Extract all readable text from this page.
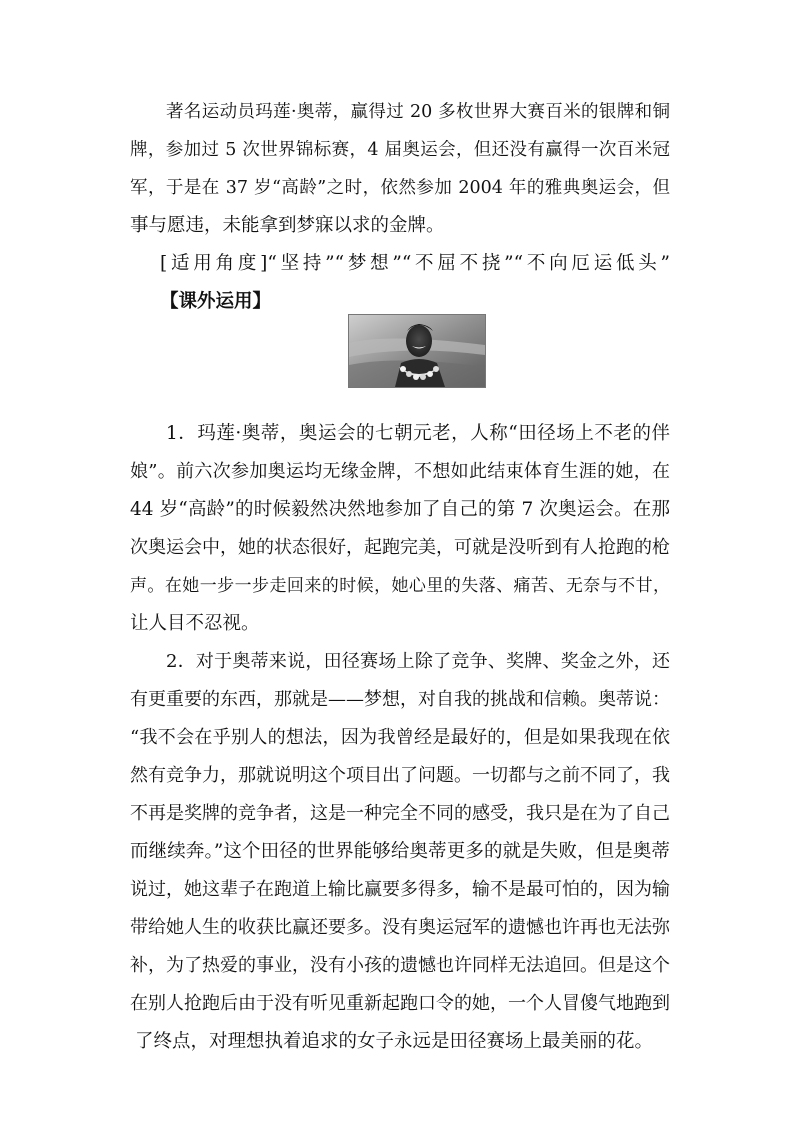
著名运动员玛莲·奥蒂，赢得过 20 多枚世界大赛百米的银牌和铜
牌，参加过 5 次世界锦标赛，4 届奥运会，但还没有赢得一次百米冠
军，于是在 37 岁“高龄”之时，依然参加 2004 年的雅典奥运会，但
事与愿违，未能拿到梦寐以求的金牌。
[适用角度]“坚持”“梦想”“不屈不挠”“不向厄运低头”
【课外运用】
1．玛莲·奥蒂，奥运会的七朝元老，人称“田径场上不老的伴
娘”。前六次参加奥运均无缘金牌，不想如此结束体育生涯的她，在
44 岁“高龄”的时候毅然决然地参加了自己的第 7 次奥运会。在那
次奥运会中，她的状态很好，起跑完美，可就是没听到有人抢跑的枪
声。在她一步一步走回来的时候，她心里的失落、痛苦、无奈与不甘，
让人目不忍视。
2．对于奥蒂来说，田径赛场上除了竞争、奖牌、奖金之外，还
有更重要的东西，那就是——梦想，对自我的挑战和信赖。奥蒂说：
“我不会在乎别人的想法，因为我曾经是最好的，但是如果我现在依
然有竞争力，那就说明这个项目出了问题。一切都与之前不同了，我
不再是奖牌的竞争者，这是一种完全不同的感受，我只是在为了自己
而继续奔。”这个田径的世界能够给奥蒂更多的就是失败，但是奥蒂
说过，她这辈子在跑道上输比赢要多得多，输不是最可怕的，因为输
带给她人生的收获比赢还要多。没有奥运冠军的遗憾也许再也无法弥
补，为了热爱的事业，没有小孩的遗憾也许同样无法追回。但是这个
在别人抢跑后由于没有听见重新起跑口令的她，一个人冒傻气地跑到
了终点，对理想执着追求的女子永远是田径赛场上最美丽的花。
